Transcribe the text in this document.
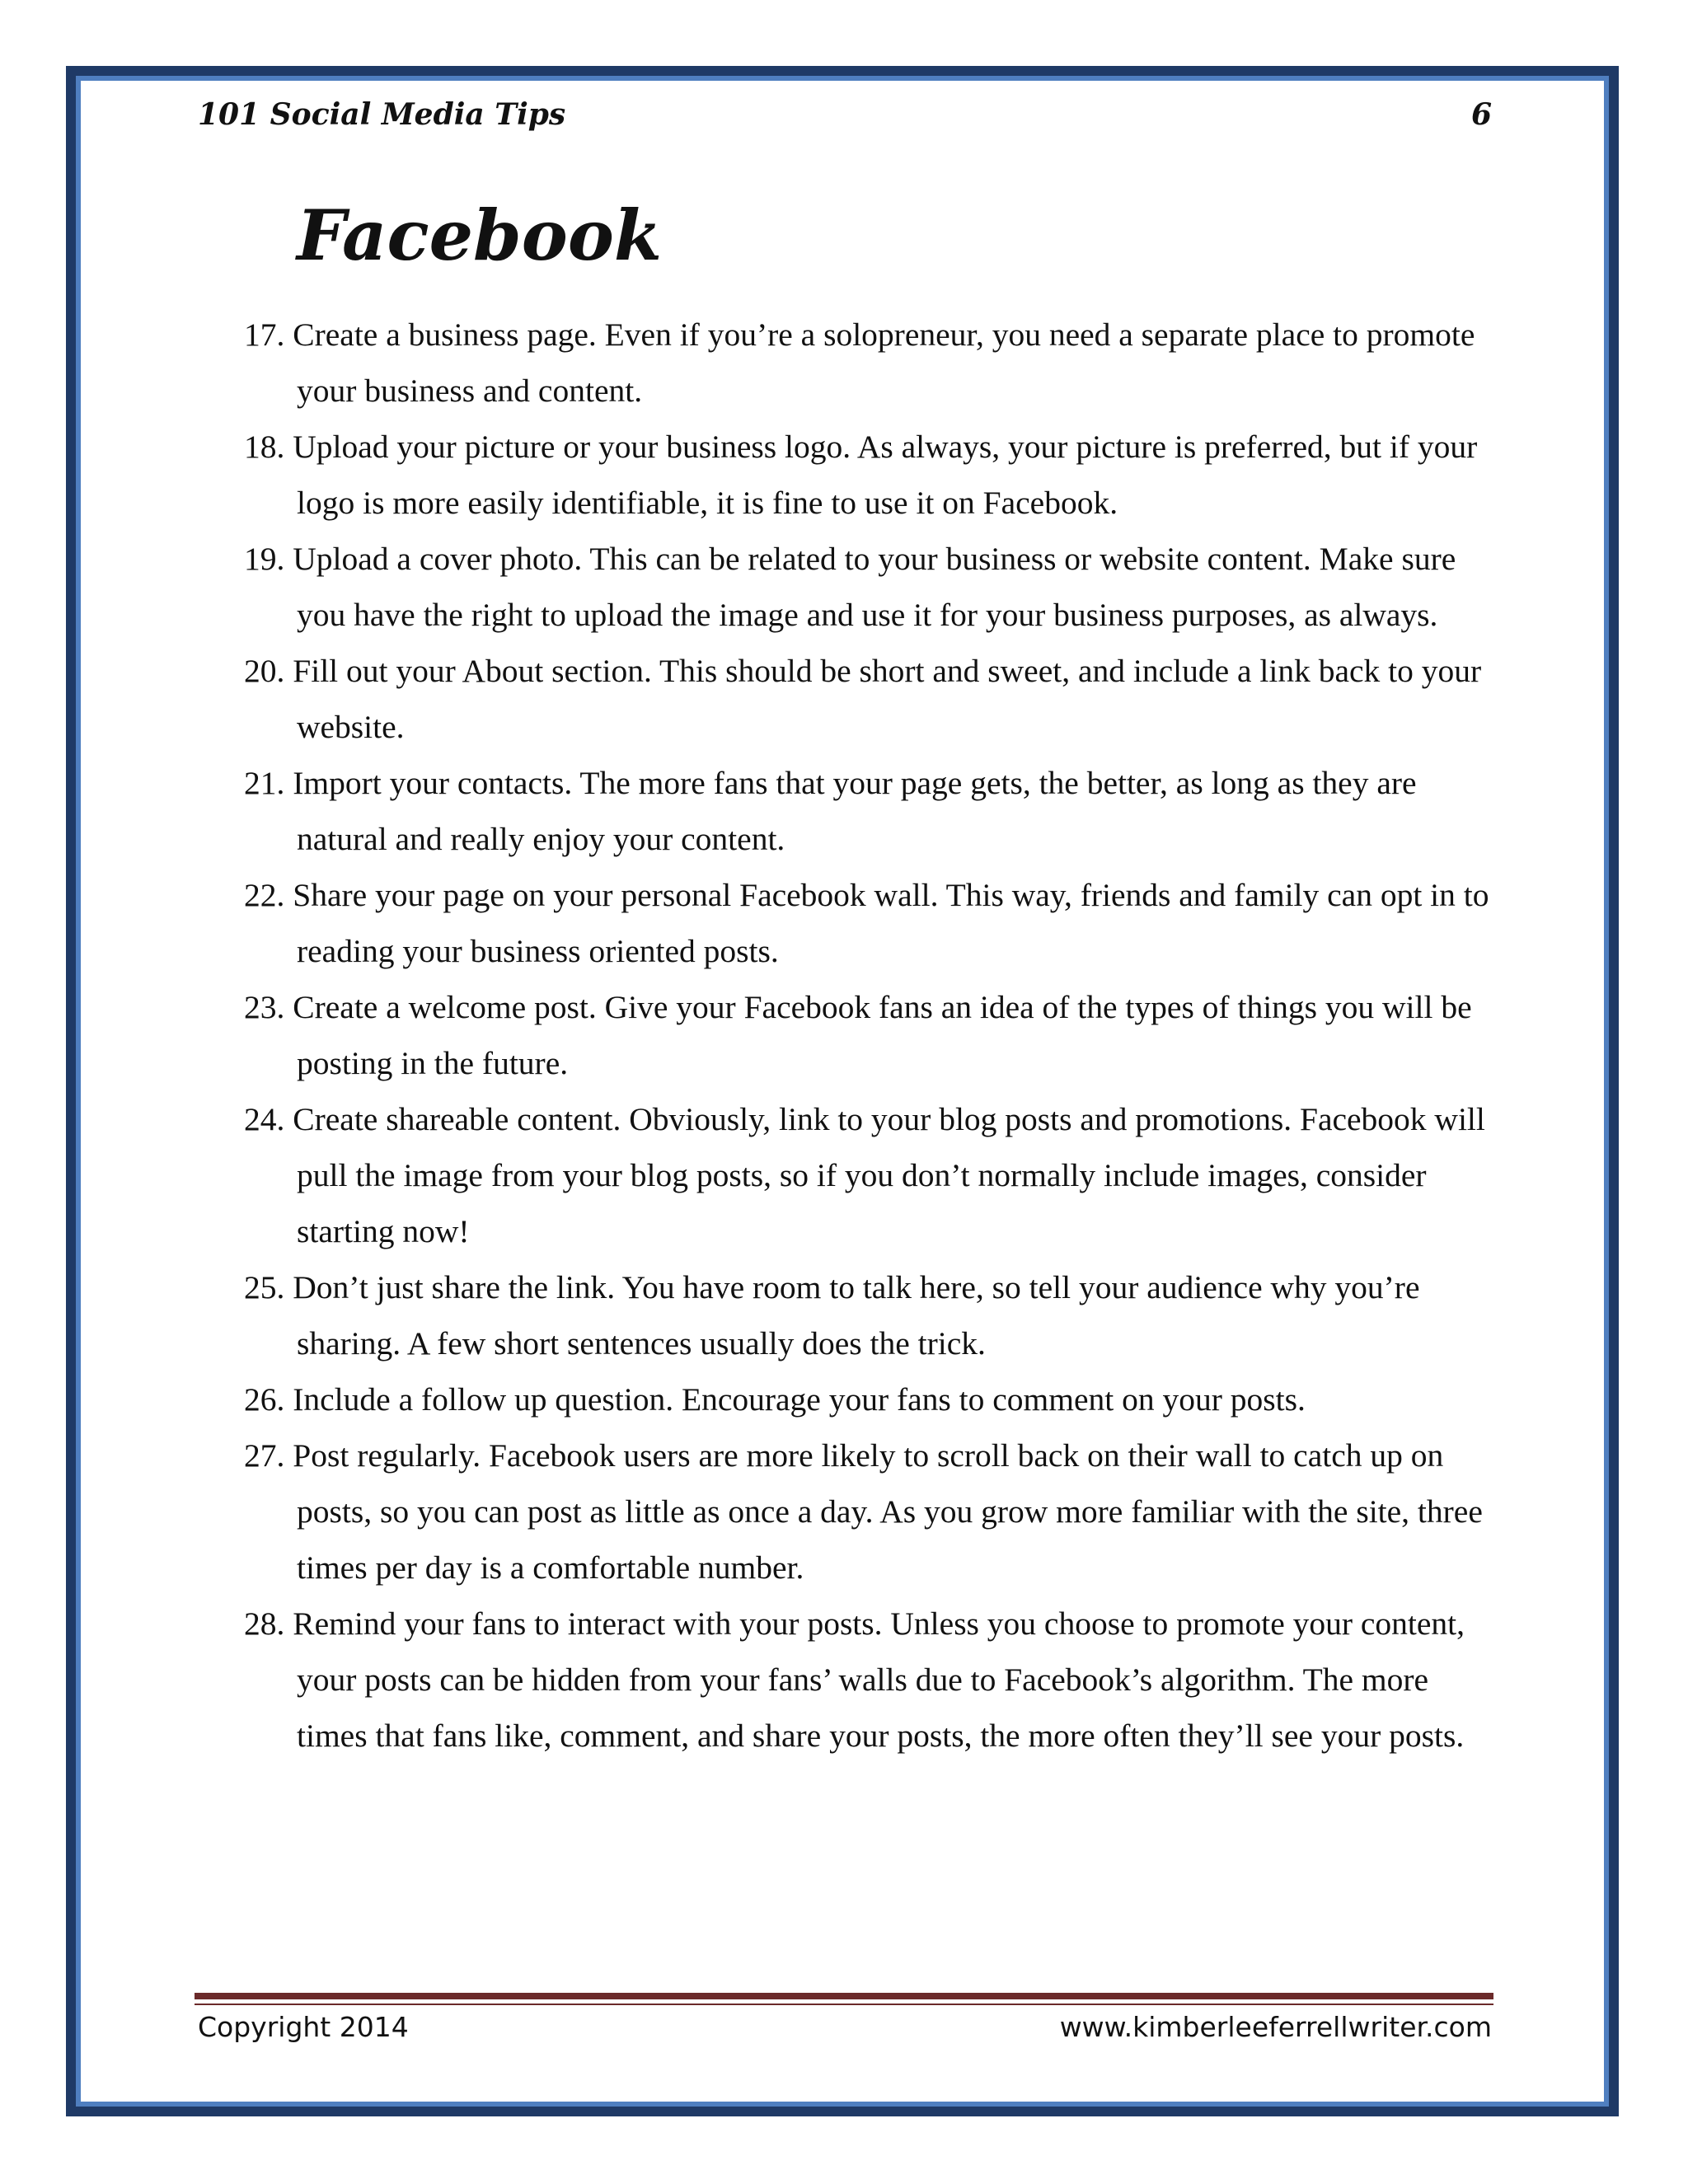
101 Social Media Tips	6
Facebook
17. Create a business page. Even if you’re a solopreneur, you need a separate place to promote your business and content.
18. Upload your picture or your business logo. As always, your picture is preferred, but if your logo is more easily identifiable, it is fine to use it on Facebook.
19. Upload a cover photo. This can be related to your business or website content. Make sure you have the right to upload the image and use it for your business purposes, as always.
20. Fill out your About section. This should be short and sweet, and include a link back to your website.
21. Import your contacts. The more fans that your page gets, the better, as long as they are natural and really enjoy your content.
22. Share your page on your personal Facebook wall. This way, friends and family can opt in to reading your business oriented posts.
23. Create a welcome post. Give your Facebook fans an idea of the types of things you will be posting in the future.
24. Create shareable content. Obviously, link to your blog posts and promotions. Facebook will pull the image from your blog posts, so if you don’t normally include images, consider starting now!
25. Don’t just share the link. You have room to talk here, so tell your audience why you’re sharing. A few short sentences usually does the trick.
26. Include a follow up question. Encourage your fans to comment on your posts.
27. Post regularly. Facebook users are more likely to scroll back on their wall to catch up on posts, so you can post as little as once a day. As you grow more familiar with the site, three times per day is a comfortable number.
28. Remind your fans to interact with your posts. Unless you choose to promote your content, your posts can be hidden from your fans’ walls due to Facebook’s algorithm. The more times that fans like, comment, and share your posts, the more often they’ll see your posts.
Copyright 2014	www.kimberleeferrellwriter.com
